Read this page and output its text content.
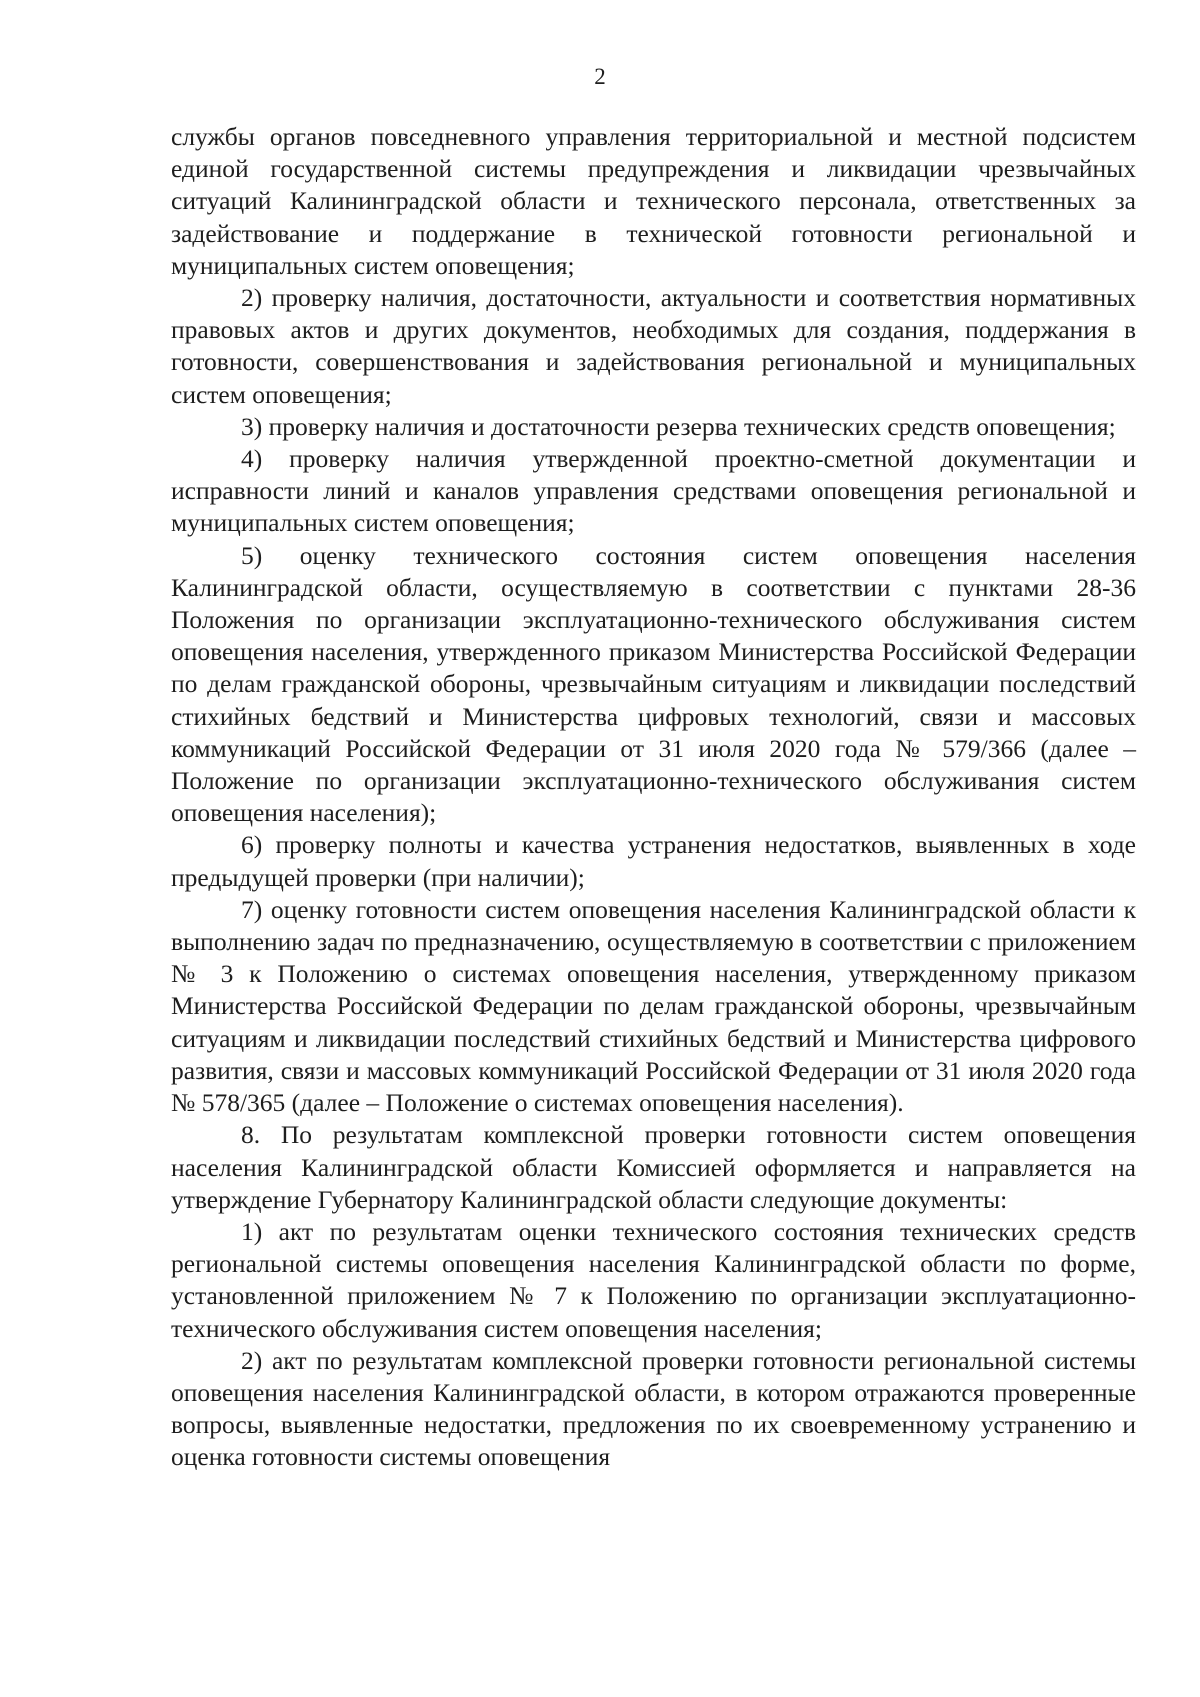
2

службы органов повседневного управления территориальной и местной подсистем единой государственной системы предупреждения и ликвидации чрезвычайных ситуаций Калининградской области и технического персонала, ответственных за задействование и поддержание в технической готовности региональной и муниципальных систем оповещения;

2) проверку наличия, достаточности, актуальности и соответствия нормативных правовых актов и других документов, необходимых для создания, поддержания в готовности, совершенствования и задействования региональной и муниципальных систем оповещения;

3) проверку наличия и достаточности резерва технических средств оповещения;

4) проверку наличия утвержденной проектно-сметной документации и исправности линий и каналов управления средствами оповещения региональной и муниципальных систем оповещения;

5) оценку технического состояния систем оповещения населения Калининградской области, осуществляемую в соответствии с пунктами 28-36 Положения по организации эксплуатационно-технического обслуживания систем оповещения населения, утвержденного приказом Министерства Российской Федерации по делам гражданской обороны, чрезвычайным ситуациям и ликвидации последствий стихийных бедствий и Министерства цифровых технологий, связи и массовых коммуникаций Российской Федерации от 31 июля 2020 года № 579/366 (далее – Положение по организации эксплуатационно-технического обслуживания систем оповещения населения);

6) проверку полноты и качества устранения недостатков, выявленных в ходе предыдущей проверки (при наличии);

7) оценку готовности систем оповещения населения Калининградской области к выполнению задач по предназначению, осуществляемую в соответствии с приложением № 3 к Положению о системах оповещения населения, утвержденному приказом Министерства Российской Федерации по делам гражданской обороны, чрезвычайным ситуациям и ликвидации последствий стихийных бедствий и Министерства цифрового развития, связи и массовых коммуникаций Российской Федерации от 31 июля 2020 года № 578/365 (далее – Положение о системах оповещения населения).

8. По результатам комплексной проверки готовности систем оповещения населения Калининградской области Комиссией оформляется и направляется на утверждение Губернатору Калининградской области следующие документы:

1) акт по результатам оценки технического состояния технических средств региональной системы оповещения населения Калининградской области по форме, установленной приложением № 7 к Положению по организации эксплуатационно-технического обслуживания систем оповещения населения;

2) акт по результатам комплексной проверки готовности региональной системы оповещения населения Калининградской области, в котором отражаются проверенные вопросы, выявленные недостатки, предложения по их своевременному устранению и оценка готовности системы оповещения
